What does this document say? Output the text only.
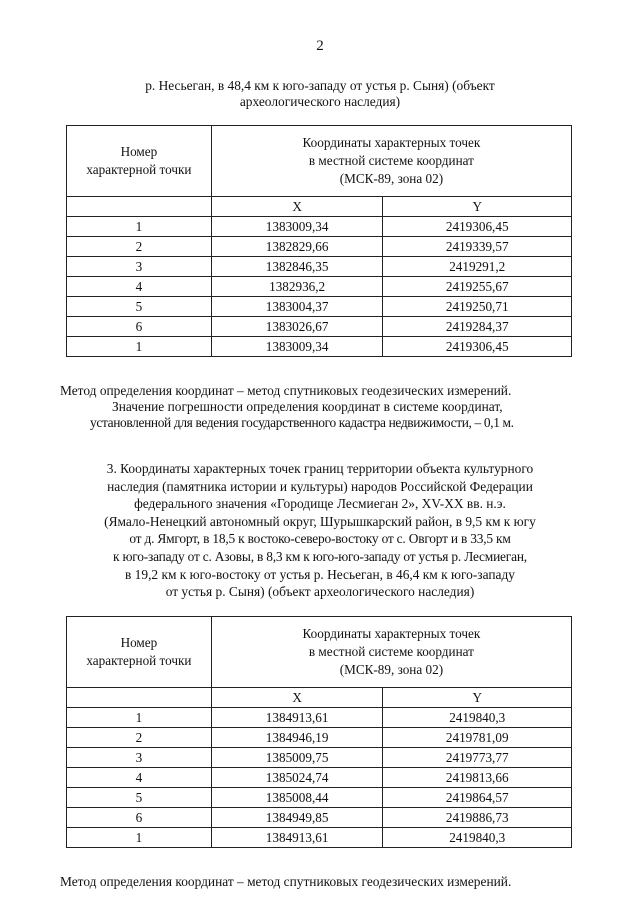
2
р. Несьеган, в 48,4 км к юго-западу от устья р. Сыня) (объект
археологического наследия)
Номер
характерной точки	Координаты характерных точек
в местной системе координат
(МСК-89, зона 02)	

	X	Y
1	1383009,34	2419306,45
2	1382829,66	2419339,57
3	1382846,35	2419291,2
4	1382936,2	2419255,67
5	1383004,37	2419250,71
6	1383026,67	2419284,37
1	1383009,34	2419306,45
Метод определения координат – метод спутниковых геодезических измерений.
Значение погрешности определения координат в системе координат,
установленной для ведения государственного кадастра недвижимости, – 0,1 м.
3. Координаты характерных точек границ территории объекта культурного
наследия (памятника истории и культуры) народов Российской Федерации
федерального значения «Городище Лесмиеган 2», XV-XX вв. н.э.
(Ямало-Ненецкий автономный округ, Шурышкарский район, в 9,5 км к югу
от д. Ямгорт, в 18,5 к востоко-северо-востоку от с. Овгорт и в 33,5 км
к юго-западу от с. Азовы, в 8,3 км к юго-юго-западу от устья р. Лесмиеган,
в 19,2 км к юго-востоку от устья р. Несьеган, в 46,4 км к юго-западу
от устья р. Сыня) (объект археологического наследия)
Номер
характерной точки	Координаты характерных точек
в местной системе координат
(МСК-89, зона 02)	

	X	Y
1	1384913,61	2419840,3
2	1384946,19	2419781,09
3	1385009,75	2419773,77
4	1385024,74	2419813,66
5	1385008,44	2419864,57
6	1384949,85	2419886,73
1	1384913,61	2419840,3
Метод определения координат – метод спутниковых геодезических измерений.
